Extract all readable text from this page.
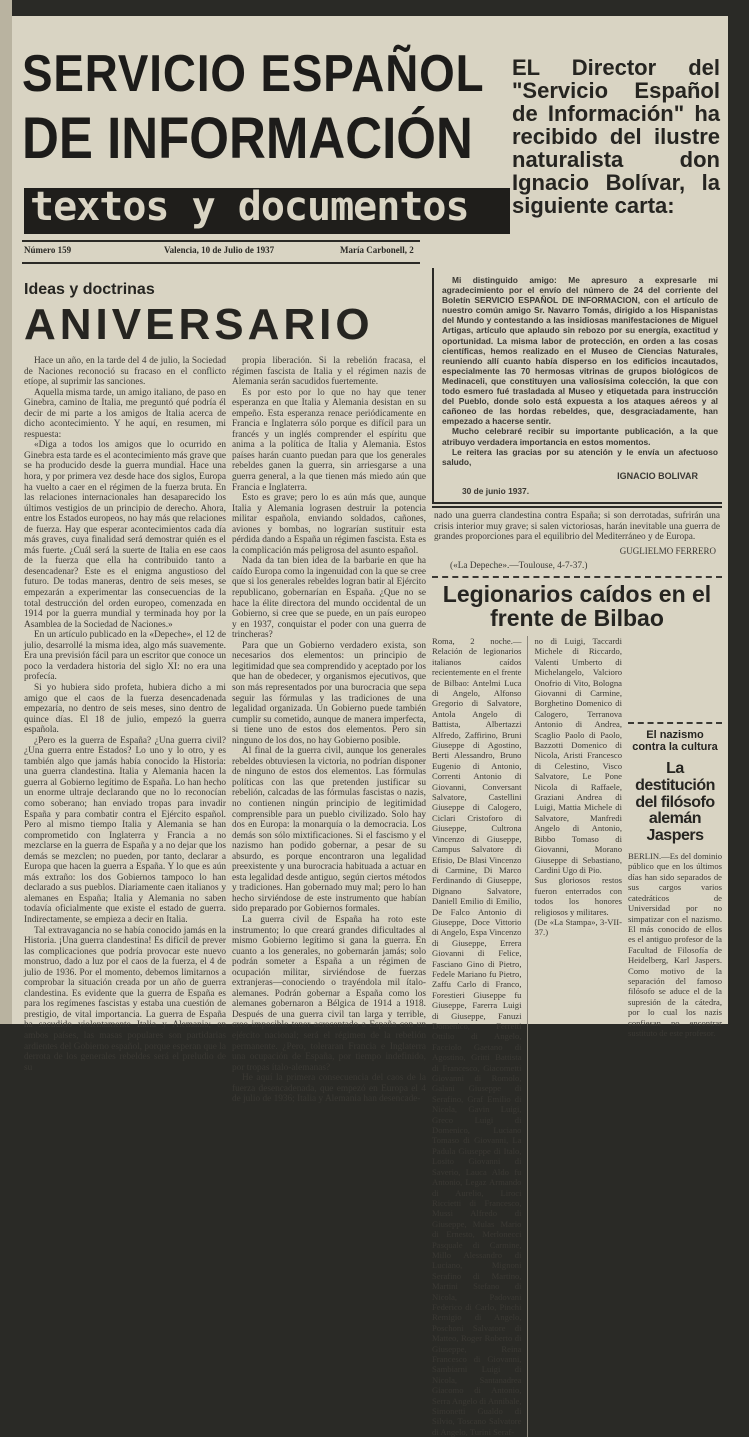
SERVICIO ESPAÑOL
DE INFORMACIÓN
textos y documentos
Número 159	Valencia, 10 de Julio de 1937	María Carbonell, 2
EL Director del "Servicio Español de Información" ha recibido del ilustre naturalista don Ignacio Bolívar, la siguiente carta:
Ideas y doctrinas
ANIVERSARIO

Hace un año, en la tarde del 4 de julio, la Sociedad de Naciones reconoció su fracaso en el conflicto etíope, al suprimir las sanciones.

Aquella misma tarde, un amigo italiano, de paso en Ginebra, camino de Italia, me preguntó qué podría él decir de mi parte a los amigos de Italia acerca de dicho acontecimiento. Y he aquí, en resumen, mi respuesta:

«Diga a todos los amigos que lo ocurrido en Ginebra esta tarde es el acontecimiento más grave que se ha producido desde la guerra mundial. Hace una hora, y por primera vez desde hace dos siglos, Europa ha vuelto a caer en el régimen de la fuerza bruta. En las relaciones internacionales han desaparecido los últimos vestigios de un principio de derecho. Ahora, entre los Estados europeos, no hay más que relaciones de fuerza. Hay que esperar acontecimientos cada día más graves, cuya finalidad será demostrar quién es el más fuerte. ¿Cuál será la suerte de Italia en ese caos de la fuerza que ella ha contribuido tanto a desencadenar? Este es el enigma angustioso del futuro. De todas maneras, dentro de seis meses, se empezarán a experimentar las consecuencias de la total destrucción del orden europeo, comenzada en 1914 por la guerra mundial y terminada hoy por la Asamblea de la Sociedad de Naciones.»

En un artículo publicado en la «Depeche», el 12 de julio, desarrollé la misma idea, algo más suavemente. Era una previsión fácil para un escritor que conoce un poco la verdadera historia del siglo XI: no era una profecía.

Si yo hubiera sido profeta, hubiera dicho a mi amigo que el caos de la fuerza desencadenada empezaría, no dentro de seis meses, sino dentro de quince días. El 18 de julio, empezó la guerra española.

¿Pero es la guerra de España? ¿Una guerra civil? ¿Una guerra entre Estados? Lo uno y lo otro, y es también algo que jamás había conocido la Historia: una guerra clandestina. Italia y Alemania hacen la guerra al Gobierno legítimo de España. Lo han hecho un enorme ultraje declarando que no lo reconocían como soberano; han enviado tropas para invadir España y para combatir contra el Ejército español. Pero al mismo tiempo Italia y Alemania se han comprometido con Inglaterra y Francia a no mezclarse en la guerra de España y a no dejar que los demás se mezclen; no pueden, por tanto, declarar a Europa que hacen la guerra a España. Y lo que es aún más extraño: los dos Gobiernos tampoco lo han declarado a sus pueblos. Diariamente caen italianos y alemanes en España; Italia y Alemania no saben todavía oficialmente que existe el estado de guerra. Indirectamente, se empieza a decir en Italia.

Tal extravagancia no se había conocido jamás en la Historia. ¡Una guerra clandestina! Es difícil de prever las complicaciones que podría provocar este nuevo monstruo, dado a luz por el caos de la fuerza, el 4 de julio de 1936. Por el momento, debemos limitarnos a comprobar la situación creada por un año de guerra clandestina. Es evidente que la guerra de España es para los regímenes fascistas y estaba una cuestión de prestigio, de vital importancia. La guerra de España ha sacudido violentamente Italia y Alemania; en ambos países, las masas populares son partidarias ardientes del Gobierno español, porque esperan que la derrota de los generales rebeldes será el preludio de su

propia liberación. Si la rebelión fracasa, el régimen fascista de Italia y el régimen nazis de Alemania serán sacudidos fuertemente.

Es por esto por lo que no hay que tener esperanza en que Italia y Alemania desistan en su empeño. Esta esperanza renace periódicamente en Francia e Inglaterra sólo porque es difícil para un francés y un inglés comprender el espíritu que anima a la política de Italia y Alemania. Estos países harán cuanto puedan para que los generales rebeldes ganen la guerra, sin arriesgarse a una guerra general, a la que tienen más miedo aún que Francia e Inglaterra.

Esto es grave; pero lo es aún más que, aunque Italia y Alemania lograsen destruir la potencia militar española, enviando soldados, cañones, aviones y bombas, no lograrían sustituir esta pérdida dando a España un régimen fascista. Esta es la complicación más peligrosa del asunto español.

Nada da tan bien idea de la barbarie en que ha caído Europa como la ingenuidad con la que se cree que si los generales rebeldes logran batir al Ejército republicano, gobernarían en España. ¿Que no se hace la élite directora del mundo occidental de un Gobierno, si cree que se puede, en un país europeo y en 1937, conquistar el poder con una guerra de trincheras?

Para que un Gobierno verdadero exista, son necesarios dos elementos: un principio de legitimidad que sea comprendido y aceptado por los que han de obedecer, y organismos ejecutivos, que son más representados por una burocracia que sepa seguir las fórmulas y las tradiciones de una legalidad organizada. Un Gobierno puede también cumplir su cometido, aunque de manera imperfecta, si tiene uno de estos dos elementos. Pero sin ninguno de los dos, no hay Gobierno posible.

Al final de la guerra civil, aunque los generales rebeldes obtuviesen la victoria, no podrían disponer de ninguno de estos dos elementos. Las fórmulas políticas con las que pretenden justificar su rebelión, calcadas de las fórmulas fascistas o nazis, no contienen ningún principio de legitimidad comprensible para un pueblo civilizado. Solo hay dos en Europa: la monarquía o la democracia. Los demás son sólo mixtificaciones. Si el fascismo y el nazismo han podido gobernar, a pesar de su absurdo, es porque encontraron una legalidad preexistente y una burocracia habituada a actuar en esta legalidad desde antiguo, según ciertos métodos y tradiciones. Han gobernado muy mal; pero lo han hecho sirviéndose de este instrumento que habían sido preparado por Gobiernos formales.

La guerra civil de España ha roto este instrumento; lo que creará grandes dificultades al mismo Gobierno legítimo si gana la guerra. En cuanto a los generales, no gobernarán jamás; solo podrán someter a España a un régimen de ocupación militar, sirviéndose de fuerzas extranjeras—conociendo o trayéndola mil ítalo-alemanes. Podrán gobernar a España como los alemanes gobernaron a Bélgica de 1914 a 1918. Después de una guerra civil tan larga y terrible, creo imposible tener acrecentado a España con un ejército nacional; será el régimen de la rebelión permanente. ¿Pero, toleraran Francia e Inglaterra una ocupación de España, por tiempo indefinido, por tropas ítalo-alemanas?

He aquí la primera consecuencia del caos de la fuerza desencadenada, que empezó en Europa el 4 de julio de 1936; Italia y Alemania han desencade-

Mi distinguido amigo: Me apresuro a expresarle mi agradecimiento por el envío del número de 24 del corriente del Boletín SERVICIO ESPAÑOL DE INFORMACION, con el artículo de nuestro común amigo Sr. Navarro Tomás, dirigido a los Hispanistas del Mundo y contestando a las insidiosas manifestaciones de Miguel Artigas, artículo que aplaudo sin rebozo por su energía, exactitud y oportunidad. La misma labor de protección, en orden a las cosas científicas, hemos realizado en el Museo de Ciencias Naturales, reuniendo allí cuanto había disperso en los edificios incautados, especialmente las 70 hermosas vitrinas de grupos biológicos de Medinaceli, que constituyen una valiosísima colección, la que con todo esmero fué trasladada al Museo y etiquetada para instrucción del Pueblo, donde solo está expuesta a los ataques aéreos y al cañoneo de las hordas rebeldes, que, desgraciadamente, han empezado a hacerse sentir.

Mucho celebraré recibir su importante publicación, a la que atribuyo verdadera importancia en estos momentos.

Le reitera las gracias por su atención y le envía un afectuoso saludo,

IGNACIO BOLIVAR
30 de junio 1937.

nado una guerra clandestina contra España; si son derrotadas, sufrirán una crisis interior muy grave; si salen victoriosas, harán inevitable una guerra de grandes proporciones para el equilibrio del Mediterráneo y de Europa.

GUGLIELMO FERRERO
(«La Depeche».—Toulouse, 4-7-37.)
Legionarios caídos en el frente de Bilbao
Roma, 2 noche.—Relación de legionarios italianos caídos recientemente en el frente de Bilbao: Antelmi Luca di Angelo, Alfonso Gregorio di Salvatore, Antola Angelo di Battista, Albertazzi Alfredo, Zaffirino, Bruni Giuseppe di Agostino, Berti Alessandro, Bruno Eugenio di Antonio, Correnti Antonio di Giovanni, Conversant Salvatore, Castellini Giuseppe di Calogero, Ciclari Cristoforo di Giuseppe, Cultrona Vincenzo di Giuseppe, Campus Salvatore di Efisio, De Blasi Vincenzo di Carmine, Di Marco Ferdinando di Giuseppe, Dignano Salvatore, Daniell Emilio di Emilio, De Falco Antonio di Giuseppe, Doce Vittorio di Angelo, Espa Vincenzo di Giuseppe, Errera Giovanni di Felice, Fasciano Gino di Pietro, Fedele Mariano fu Pietro, Zaffu Carlo di Franco, Forestieri Giuseppe fu Giuseppe, Farerra Luigi di Giuseppe, Fanuzi Domenico, Ferretti Ottilio di Angelo, Facciolo Gaetano di Agostino, Gritti Battista di Francesco, Giacometti Giovanni di Romolo, Galani Giuseppe di Serafino, Graf Emilio di Nicola, Gavin Luigi, Greco Luigi di Domenico, Luciano Tomaso di Giovanni, La Padula Giuseppe di Italo, Losito Giovanni di Saverio, Lauca Aldo fu Antonio, Legaz Armando di Aurelio, Liroci Riccietti di Francesco, Mussi Alfredo di Giuseppe, Mulas Mario di Ernesto, Merlonecci Pasquale di Carmine, Millo Alessandro di Luciano, Mignoni Serafino di Martino, Martini Stefano di Nicola, Padovani Federico di Carlo, Pinchi Remigio di Angelo, Poschoni Salvatore di Matteo, Roger Roberto di Giuseppe, Reina Francesco di Giovanni, Sambiarni Luigi di Nicola, Santanadrea Giacomo di Antonio, Serra Angelo di Annibale, Simonetti Gualdo di Silvio, Toscano Salvatore di Angelo, Turini Seraf-
no di Luigi, Taccardi Michele di Riccardo, Valenti Umberto di Michelangelo, Valcioro Onofrio di Vito, Bologna Giovanni di Carmine, Borghetino Domenico di Calogero, Terranova Antonio di Andrea, Scaglio Paolo di Paolo, Bazzotti Domenico di Nicola, Aristi Francesco di Celestino, Visco Salvatore, Le Pone Nicola di Raffaele, Graziani Andrea di Luigi, Mattia Michele di Salvatore, Manfredi Angelo di Antonio, Bibbo Tomaso di Giovanni, Morano Giuseppe di Sebastiano, Cardini Ugo di Pio.
Sus gloriosos restos fueron enterrados con todos los honores religiosos y militares.
(De «La Stampa», 3-VII-37.)
El nazismo contra la cultura
La destitución del filósofo alemán Jaspers
BERLIN.—Es del dominio público que en los últimos días han sido separados de sus cargos varios catedráticos de Universidad por no simpatizar con el nazismo. El más conocido de ellos es el antiguo profesor de la Facultad de Filosofía de Heidelberg, Karl Jaspers. Como motivo de la separación del famoso filósofo se aduce el de la supresión de la cátedra, por lo cual los nazis confiesan no encontrar sustituto de este profesor.
